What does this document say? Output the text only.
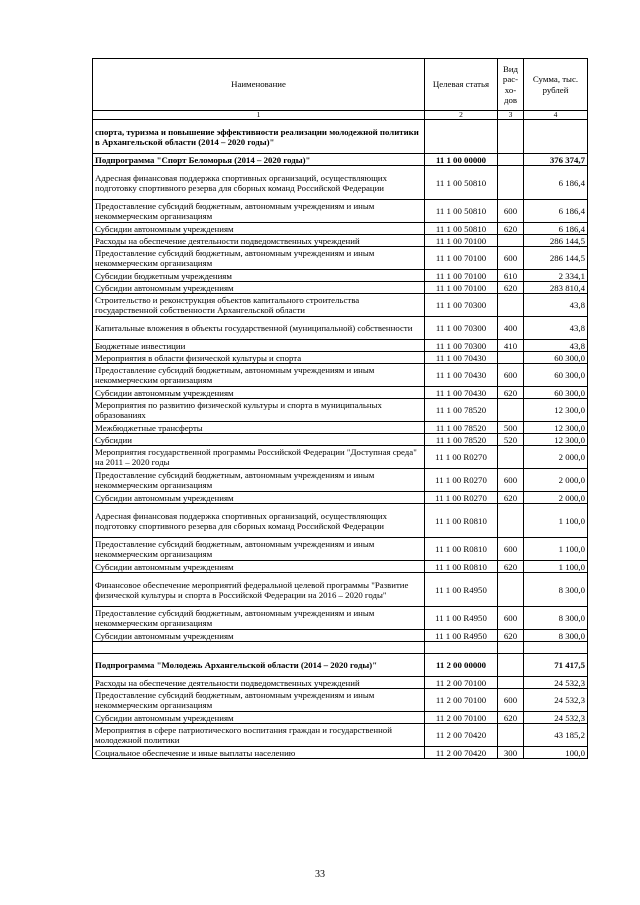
Наименование	Целевая статья	Вид рас-хо-дов	Сумма, тыс. рублей
1	2	3	4
спорта, туризма и повышение эффективности реализации молодежной политики в Архангельской области (2014 – 2020 годы)"			
Подпрограмма "Спорт Беломорья (2014 – 2020 годы)"	11 1 00 00000		376 374,7
Адресная финансовая поддержка спортивных организаций, осуществляющих подготовку спортивного резерва для сборных команд Российской Федерации	11 1 00 50810		6 186,4
Предоставление субсидий бюджетным, автономным учреждениям и иным некоммерческим организациям	11 1 00 50810	600	6 186,4
Субсидии автономным учреждениям	11 1 00 50810	620	6 186,4
Расходы на обеспечение деятельности подведомственных учреждений	11 1 00 70100		286 144,5
Предоставление субсидий бюджетным, автономным учреждениям и иным некоммерческим организациям	11 1 00 70100	600	286 144,5
Субсидии бюджетным учреждениям	11 1 00 70100	610	2 334,1
Субсидии автономным учреждениям	11 1 00 70100	620	283 810,4
Строительство и реконструкция объектов капитального строительства государственной собственности Архангельской области	11 1 00 70300		43,8
Капитальные вложения в объекты государственной (муниципальной) собственности	11 1 00 70300	400	43,8
Бюджетные инвестиции	11 1 00 70300	410	43,8
Мероприятия в области физической культуры и спорта	11 1 00 70430		60 300,0
Предоставление субсидий бюджетным, автономным учреждениям и иным некоммерческим организациям	11 1 00 70430	600	60 300,0
Субсидии автономным учреждениям	11 1 00 70430	620	60 300,0
Мероприятия по развитию физической культуры и спорта в муниципальных образованиях	11 1 00 78520		12 300,0
Межбюджетные трансферты	11 1 00 78520	500	12 300,0
Субсидии	11 1 00 78520	520	12 300,0
Мероприятия государственной программы Российской Федерации "Доступная среда" на 2011 – 2020 годы	11 1 00 R0270		2 000,0
Предоставление субсидий бюджетным, автономным учреждениям и иным некоммерческим организациям	11 1 00 R0270	600	2 000,0
Субсидии автономным учреждениям	11 1 00 R0270	620	2 000,0
Адресная финансовая поддержка спортивных организаций, осуществляющих подготовку спортивного резерва для сборных команд Российской Федерации	11 1 00 R0810		1 100,0
Предоставление субсидий бюджетным, автономным учреждениям и иным некоммерческим организациям	11 1 00 R0810	600	1 100,0
Субсидии автономным учреждениям	11 1 00 R0810	620	1 100,0
Финансовое обеспечение мероприятий федеральной целевой программы "Развитие физической культуры и спорта в Российской Федерации на 2016 – 2020 годы"	11 1 00 R4950		8 300,0
Предоставление субсидий бюджетным, автономным учреждениям и иным некоммерческим организациям	11 1 00 R4950	600	8 300,0
Субсидии автономным учреждениям	11 1 00 R4950	620	8 300,0

Подпрограмма "Молодежь Архангельской области (2014 – 2020 годы)"	11 2 00 00000		71 417,5
Расходы на обеспечение деятельности подведомственных учреждений	11 2 00 70100		24 532,3
Предоставление субсидий бюджетным, автономным учреждениям и иным некоммерческим организациям	11 2 00 70100	600	24 532,3
Субсидии автономным учреждениям	11 2 00 70100	620	24 532,3
Мероприятия в сфере патриотического воспитания граждан и государственной молодежной политики	11 2 00 70420		43 185,2
Социальное обеспечение и иные выплаты населению	11 2 00 70420	300	100,0
33
